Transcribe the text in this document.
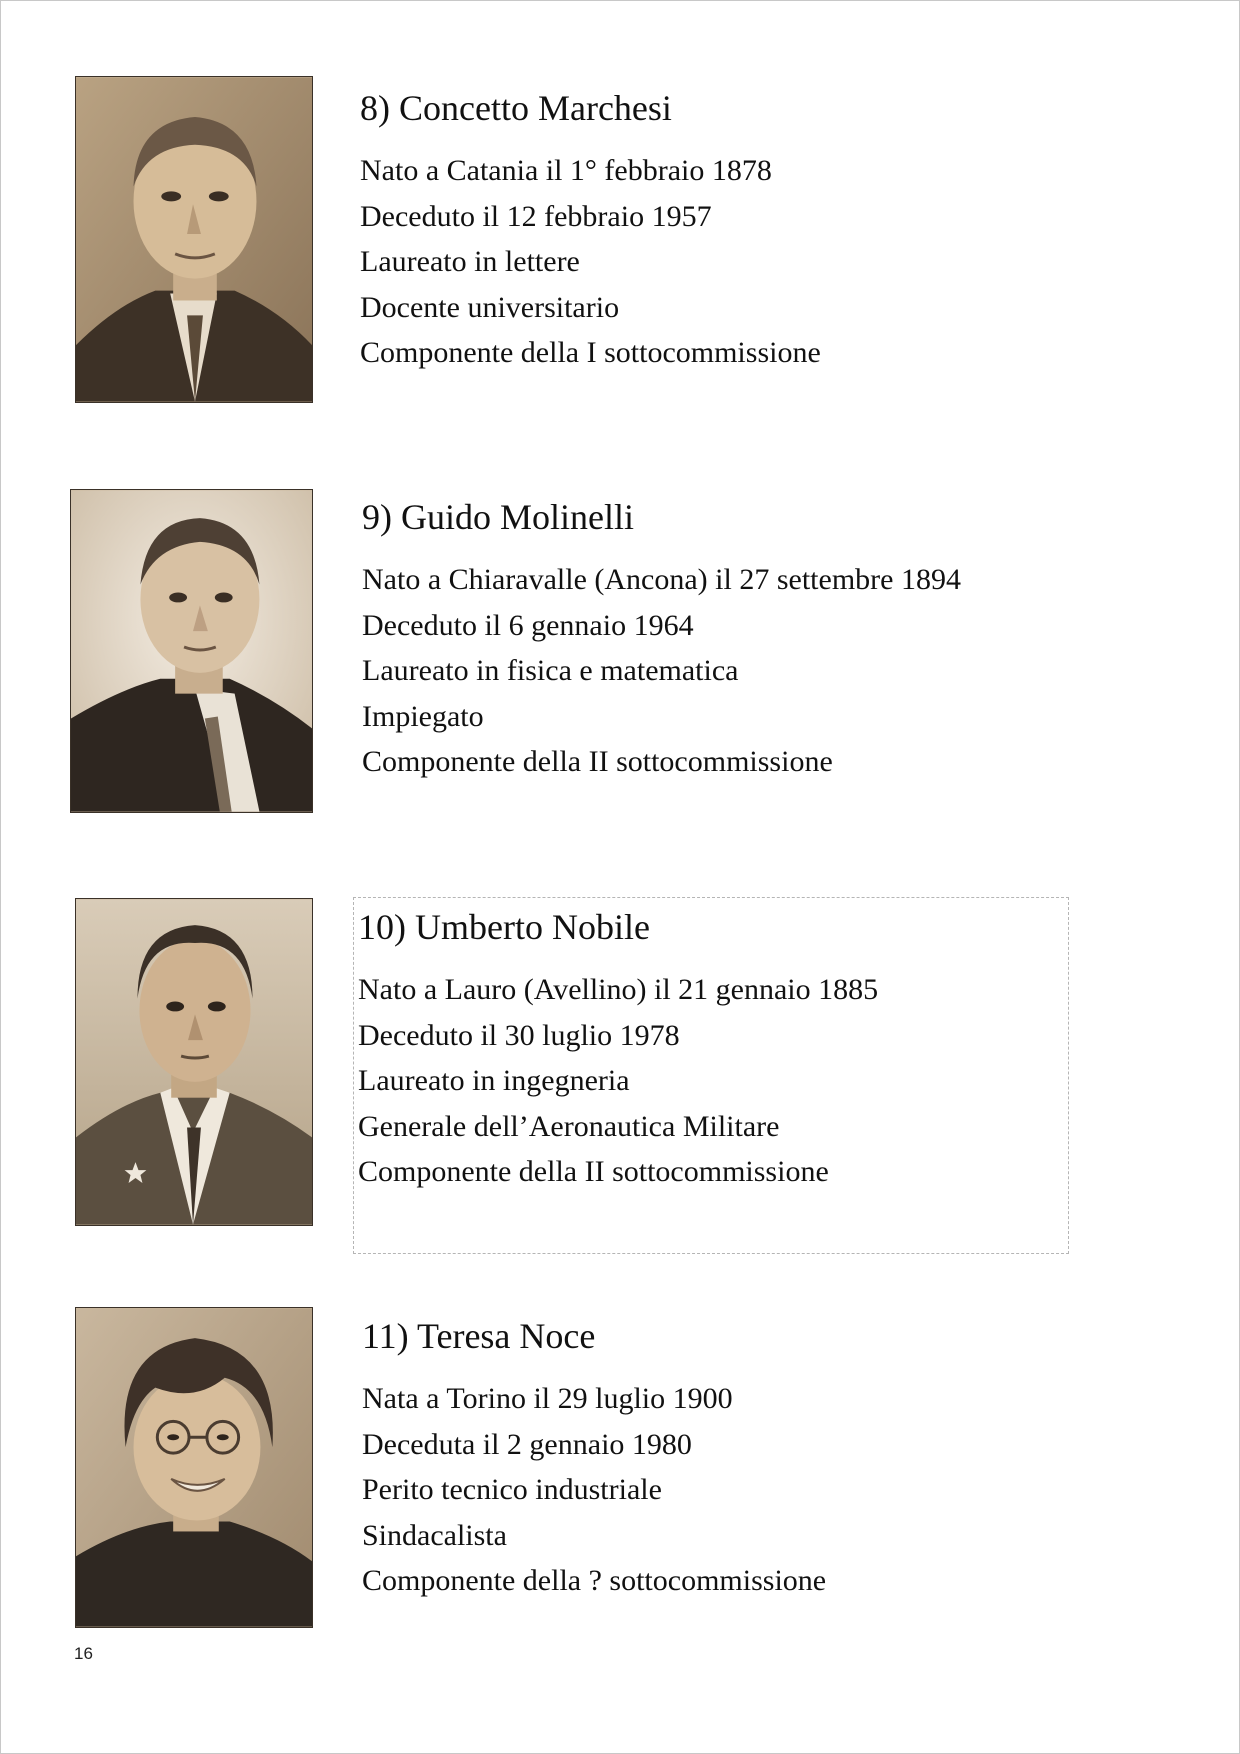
8) Concetto Marchesi
Nato a Catania il 1° febbraio 1878
Deceduto il 12 febbraio 1957
Laureato in lettere
Docente universitario
Componente della I sottocommissione
9) Guido Molinelli
Nato a Chiaravalle (Ancona) il 27 settembre 1894
Deceduto il 6 gennaio 1964
Laureato in fisica e matematica
Impiegato
Componente della II sottocommissione
10) Umberto Nobile
Nato a Lauro (Avellino) il 21 gennaio 1885
Deceduto il 30 luglio 1978
Laureato in ingegneria
Generale dell’Aeronautica Militare
Componente della II sottocommissione
11) Teresa Noce
Nata a Torino il 29 luglio 1900
Deceduta il 2 gennaio 1980
Perito tecnico industriale
Sindacalista
Componente della ? sottocommissione
16
